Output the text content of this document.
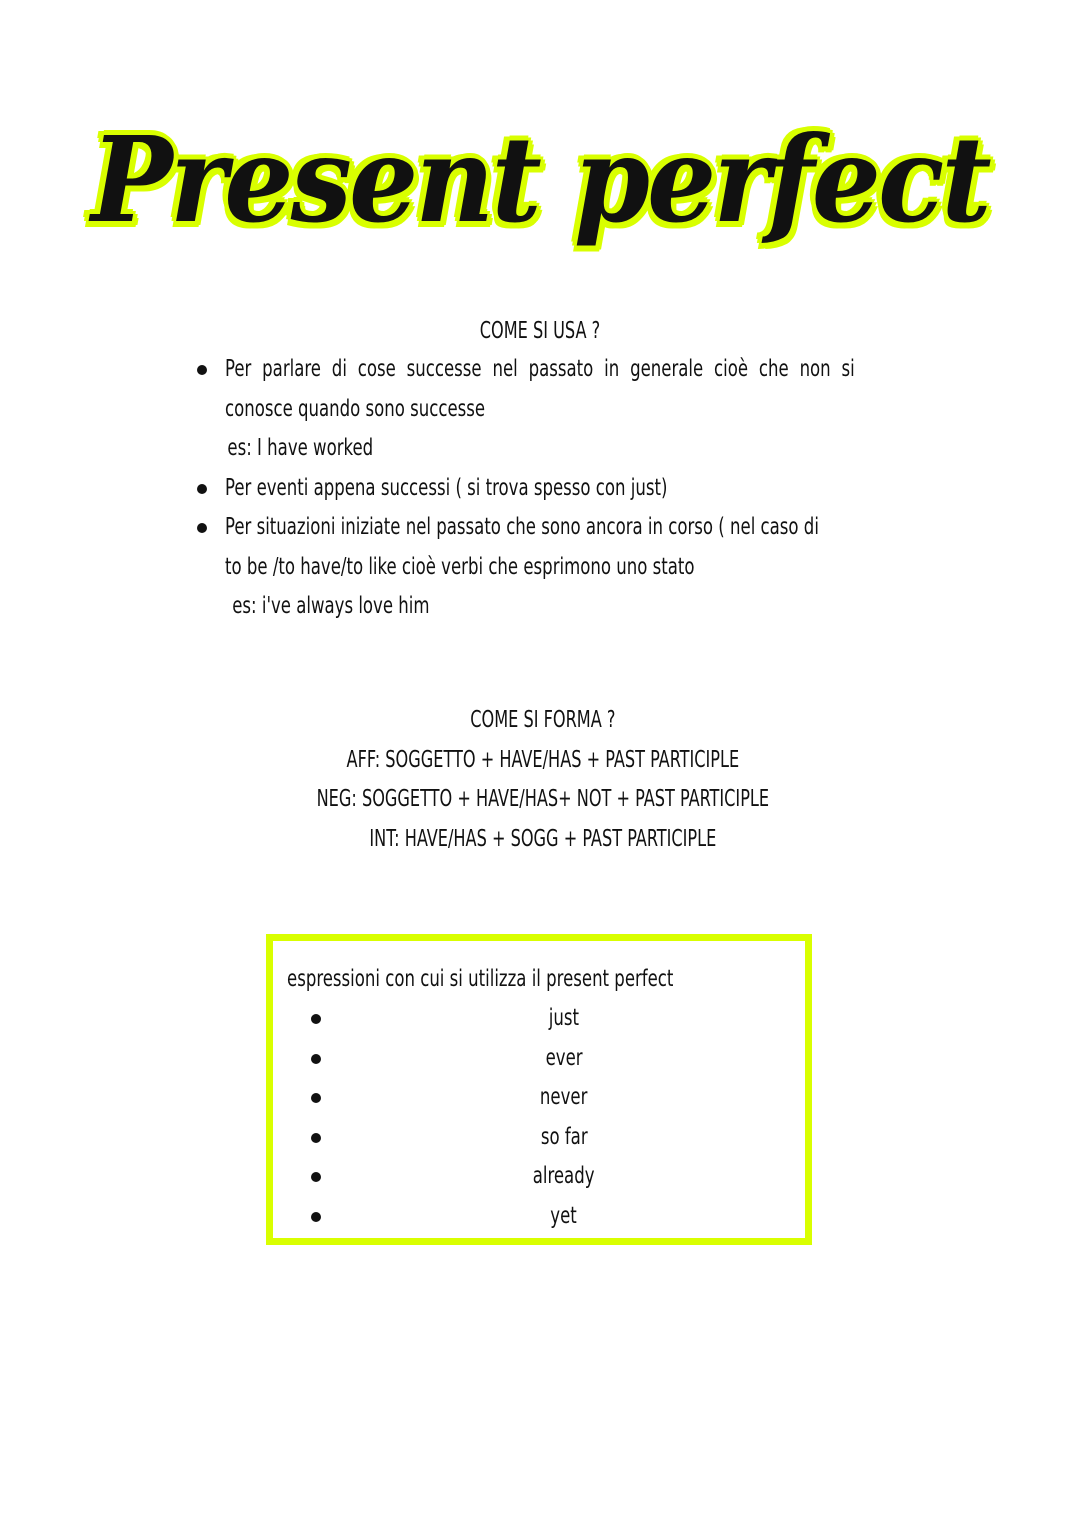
Present perfect
COME SI USA ?
Per parlare di cose successe nel passato in generale cioè che non si
conosce quando sono successe
es: I have worked
Per eventi appena successi ( si trova spesso con just)
Per situazioni iniziate nel passato che sono ancora in corso ( nel caso di
to be /to have/to like cioè verbi che esprimono uno stato
es: i've always love him
COME SI FORMA ?
AFF: SOGGETTO + HAVE/HAS + PAST PARTICIPLE
NEG: SOGGETTO + HAVE/HAS+ NOT + PAST PARTICIPLE
INT: HAVE/HAS + SOGG + PAST PARTICIPLE
espressioni con cui si utilizza il present perfect
just
ever
never
so far
already
yet
